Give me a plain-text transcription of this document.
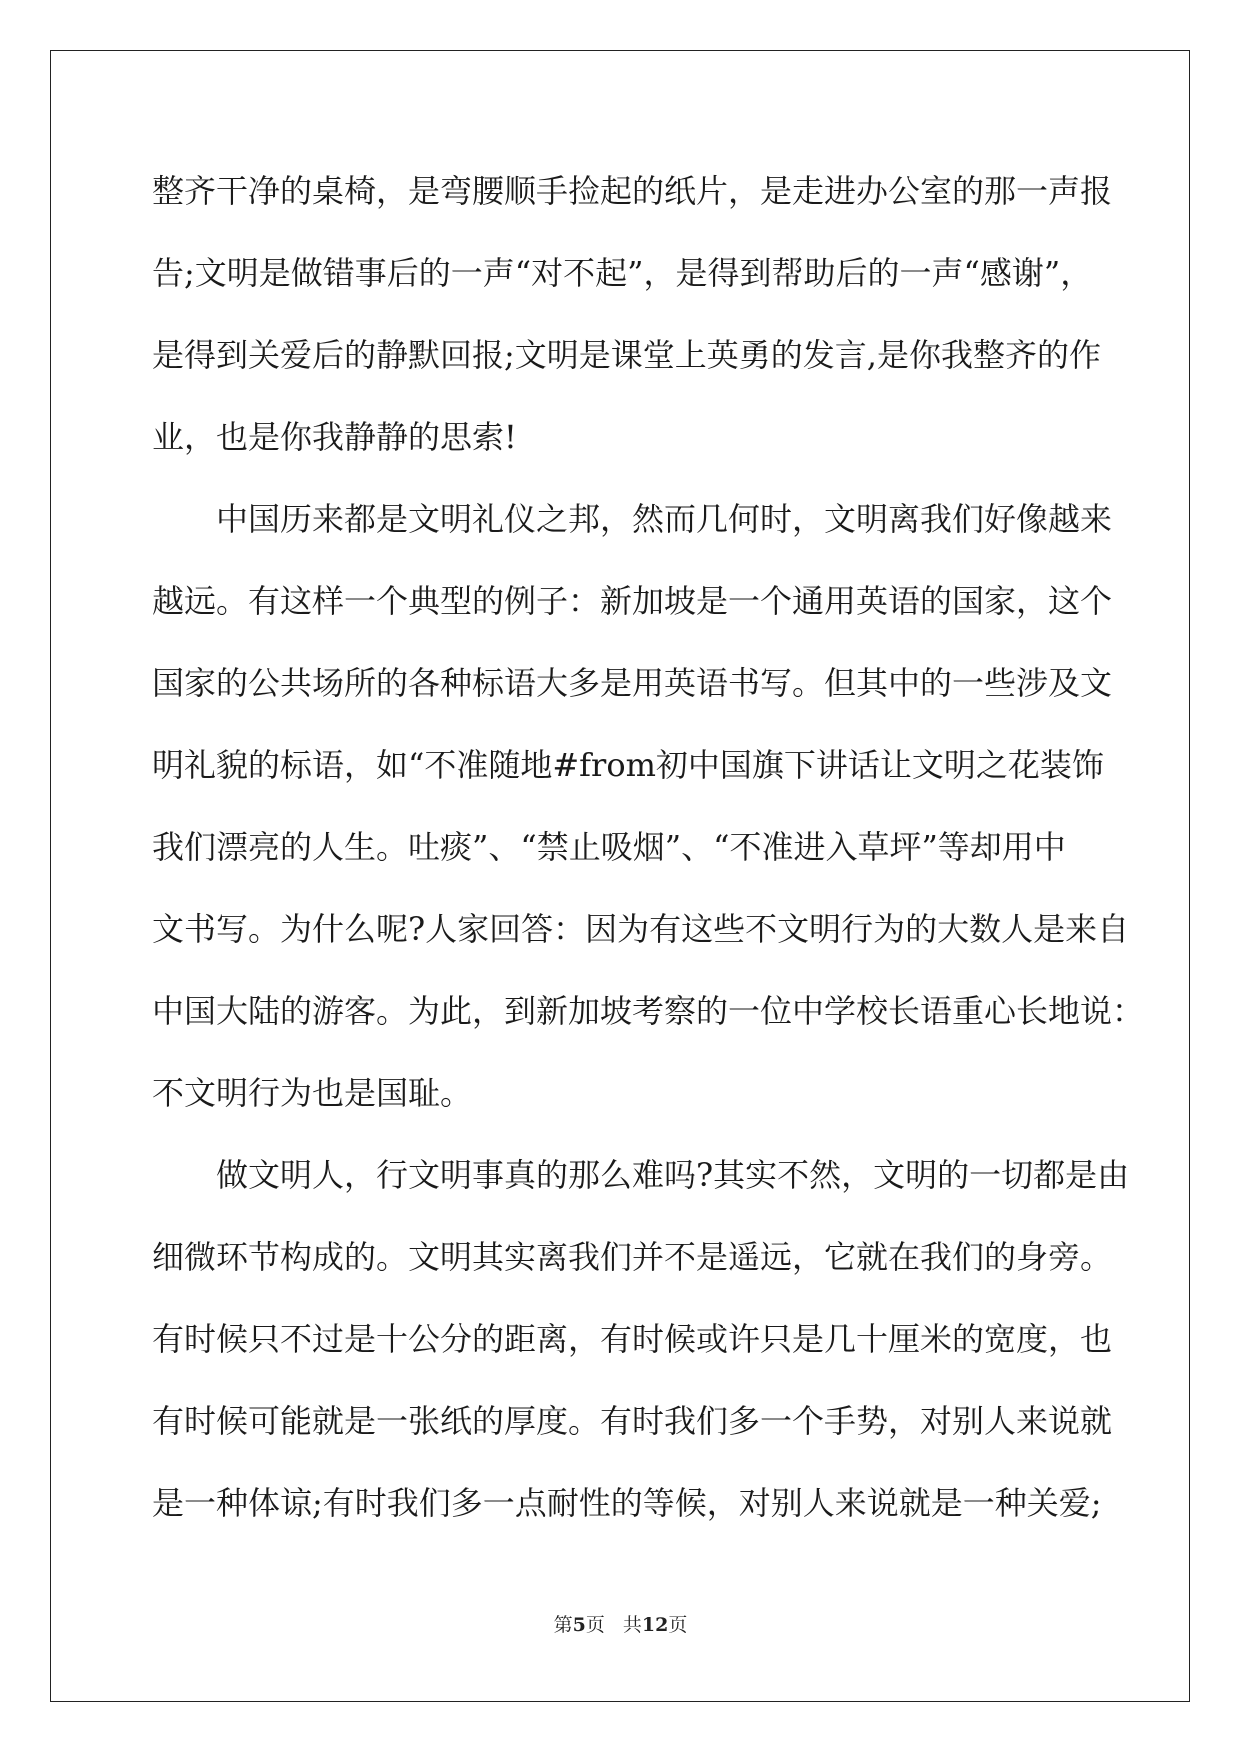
整齐干净的桌椅，是弯腰顺手捡起的纸片，是走进办公室的那一声报
告;文明是做错事后的一声“对不起”，是得到帮助后的一声“感谢”，
是得到关爱后的静默回报;文明是课堂上英勇的发言,是你我整齐的作
业，也是你我静静的思索!
　　中国历来都是文明礼仪之邦，然而几何时，文明离我们好像越来
越远。有这样一个典型的例子：新加坡是一个通用英语的国家，这个
国家的公共场所的各种标语大多是用英语书写。但其中的一些涉及文
明礼貌的标语，如“不准随地#from初中国旗下讲话让文明之花装饰
我们漂亮的人生。吐痰”、“禁止吸烟”、“不准进入草坪”等却用中
文书写。为什么呢?人家回答：因为有这些不文明行为的大数人是来自
中国大陆的游客。为此，到新加坡考察的一位中学校长语重心长地说：
不文明行为也是国耻。
　　做文明人，行文明事真的那么难吗?其实不然，文明的一切都是由
细微环节构成的。文明其实离我们并不是遥远，它就在我们的身旁。
有时候只不过是十公分的距离，有时候或许只是几十厘米的宽度，也
有时候可能就是一张纸的厚度。有时我们多一个手势，对别人来说就
是一种体谅;有时我们多一点耐性的等候，对别人来说就是一种关爱;
第5页 共12页
